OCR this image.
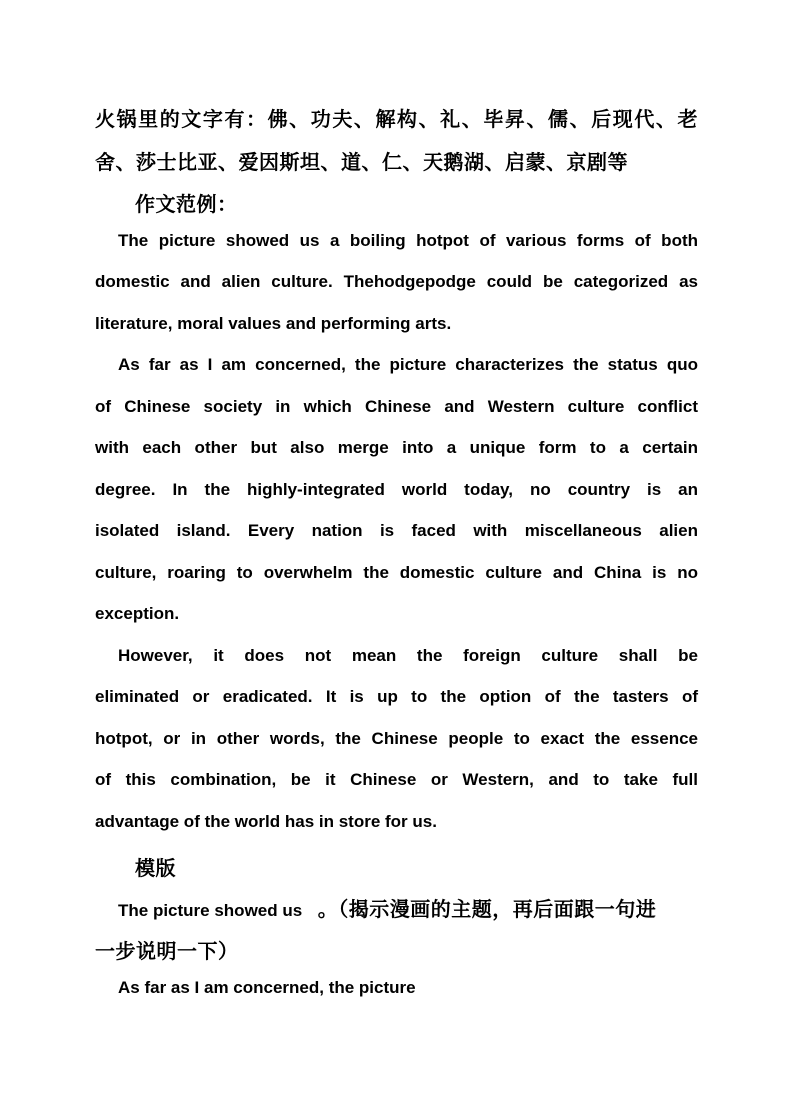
火锅里的文字有：佛、功夫、解构、礼、毕昇、儒、后现代、老

舍、莎士比亚、爱因斯坦、道、仁、天鹅湖、启蒙、京剧等

作文范例：

The picture showed us a boiling hotpot of various forms of both

domestic and alien culture. Thehodgepodge could be categorized as

literature, moral values and performing arts.

As far as I am concerned, the picture characterizes the status quo

of Chinese society in which Chinese and Western culture conflict

with each other but also merge into a unique form to a certain

degree. In the highly-integrated world today, no country is an

isolated island. Every nation is faced with miscellaneous alien

culture, roaring to overwhelm the domestic culture and China is no

exception.

However, it does not mean the foreign culture shall be

eliminated or eradicated. It is up to the option of the tasters of

hotpot, or in other words, the Chinese people to exact the essence

of this combination, be it Chinese or Western, and to take full

advantage of the world has in store for us.

模版

The picture showed us 。（揭示漫画的主题，再后面跟一句进

一步说明一下）

As far as I am concerned, the picture
